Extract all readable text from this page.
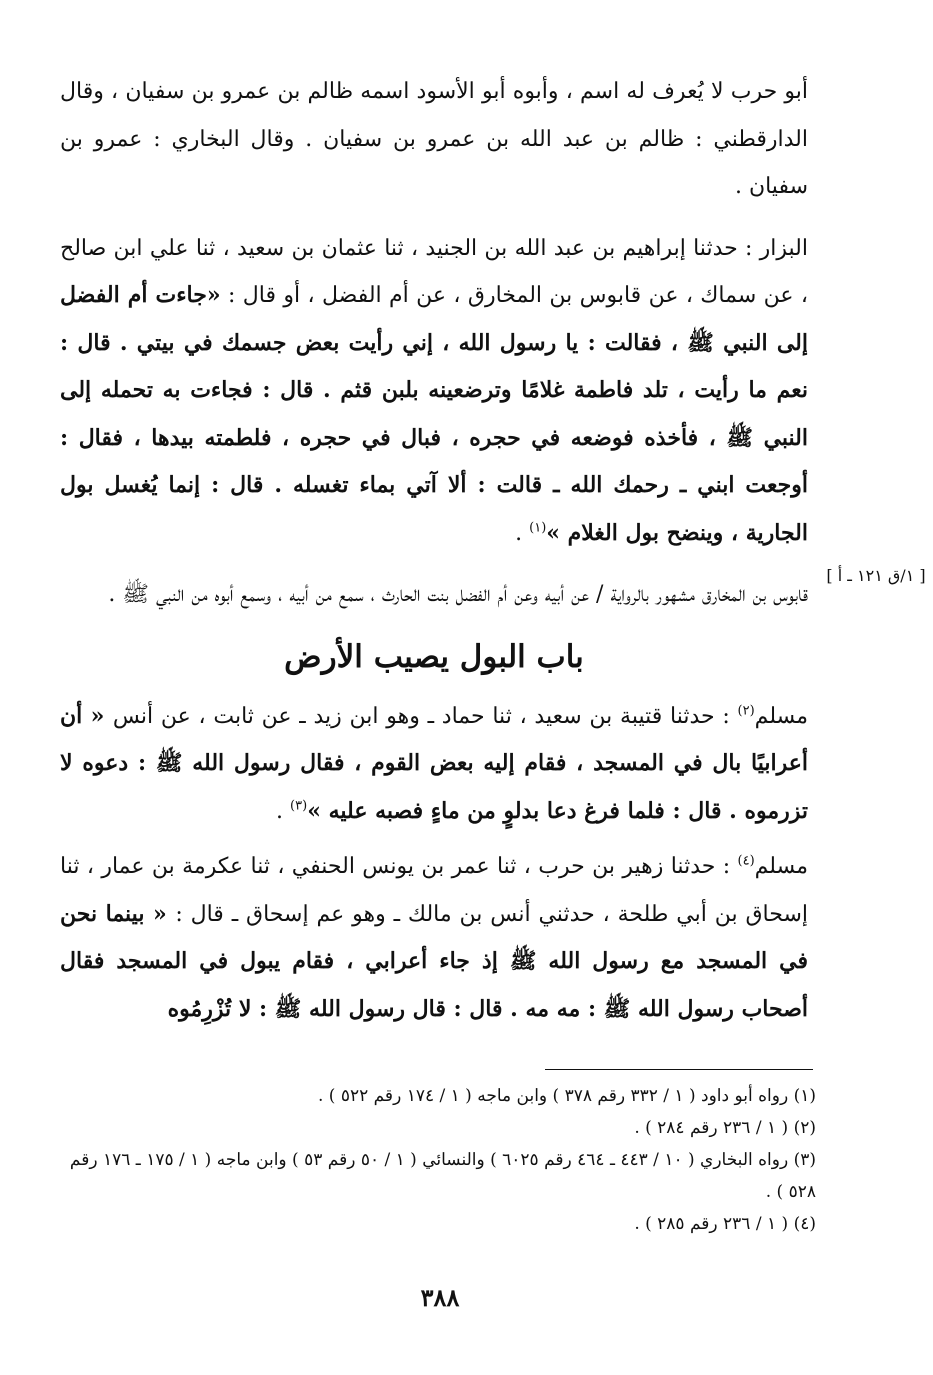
أبو حرب لا يُعرف له اسم ، وأبوه أبو الأسود اسمه ظالم بن عمرو بن سفيان ، وقال الدارقطني : ظالم بن عبد الله بن عمرو بن سفيان . وقال البخاري : عمرو بن سفيان .

البزار : حدثنا إبراهيم بن عبد الله بن الجنيد ، ثنا عثمان بن سعيد ، ثنا علي ابن صالح ، عن سماك ، عن قابوس بن المخارق ، عن أم الفضل ، أو قال : «جاءت أم الفضل إلى النبي ﷺ ، فقالت : يا رسول الله ، إني رأيت بعض جسمك في بيتي . قال : نعم ما رأيت ، تلد فاطمة غلامًا وترضعينه بلبن قثم . قال : فجاءت به تحمله إلى النبي ﷺ ، فأخذه فوضعه في حجره ، فبال في حجره ، فلطمته بيدها ، فقال : أوجعت ابني ـ رحمك الله ـ قالت : ألا آتي بماء تغسله . قال : إنما يُغسل بول الجارية ، وينضح بول الغلام »$^{(١)}$ .

قابوس بن المخارق مشهور بالرواية / عن أبيه وعن أم الفضل بنت الحارث ، سمع من أبيه ، وسمع أبوه من النبي ﷺ .

باب البول يصيب الأرض

مسلم$^{(٢)}$ : حدثنا قتيبة بن سعيد ، ثنا حماد ـ وهو ابن زيد ـ عن ثابت ، عن أنس « أن أعرابيًا بال في المسجد ، فقام إليه بعض القوم ، فقال رسول الله ﷺ : دعوه لا تزرموه . قال : فلما فرغ دعا بدلوٍ من ماءٍ فصبه عليه »$^{(٣)}$ .

مسلم$^{(٤)}$ : حدثنا زهير بن حرب ، ثنا عمر بن يونس الحنفي ، ثنا عكرمة بن عمار ، ثنا إسحاق بن أبي طلحة ، حدثني أنس بن مالك ـ وهو عم إسحاق ـ قال : « بينما نحن في المسجد مع رسول الله ﷺ إذ جاء أعرابي ، فقام يبول في المسجد فقال أصحاب رسول الله ﷺ : مه مه . قال : قال رسول الله ﷺ : لا تُزْرِمُوه

[ ١/ق ١٢١ ـ أ ]

(١) رواه أبو داود ( ١ / ٣٣٢ رقم ٣٧٨ ) وابن ماجه ( ١ / ١٧٤ رقم ٥٢٢ ) .

(٢) ( ١ / ٢٣٦ رقم ٢٨٤ ) .

(٣) رواه البخاري ( ١٠ / ٤٤٣ ـ ٤٦٤ رقم ٦٠٢٥ ) والنسائي ( ١ / ٥٠ رقم ٥٣ ) وابن ماجه ( ١ / ١٧٥ ـ ١٧٦ رقم ٥٢٨ ) .

(٤) ( ١ / ٢٣٦ رقم ٢٨٥ ) .

٣٨٨
